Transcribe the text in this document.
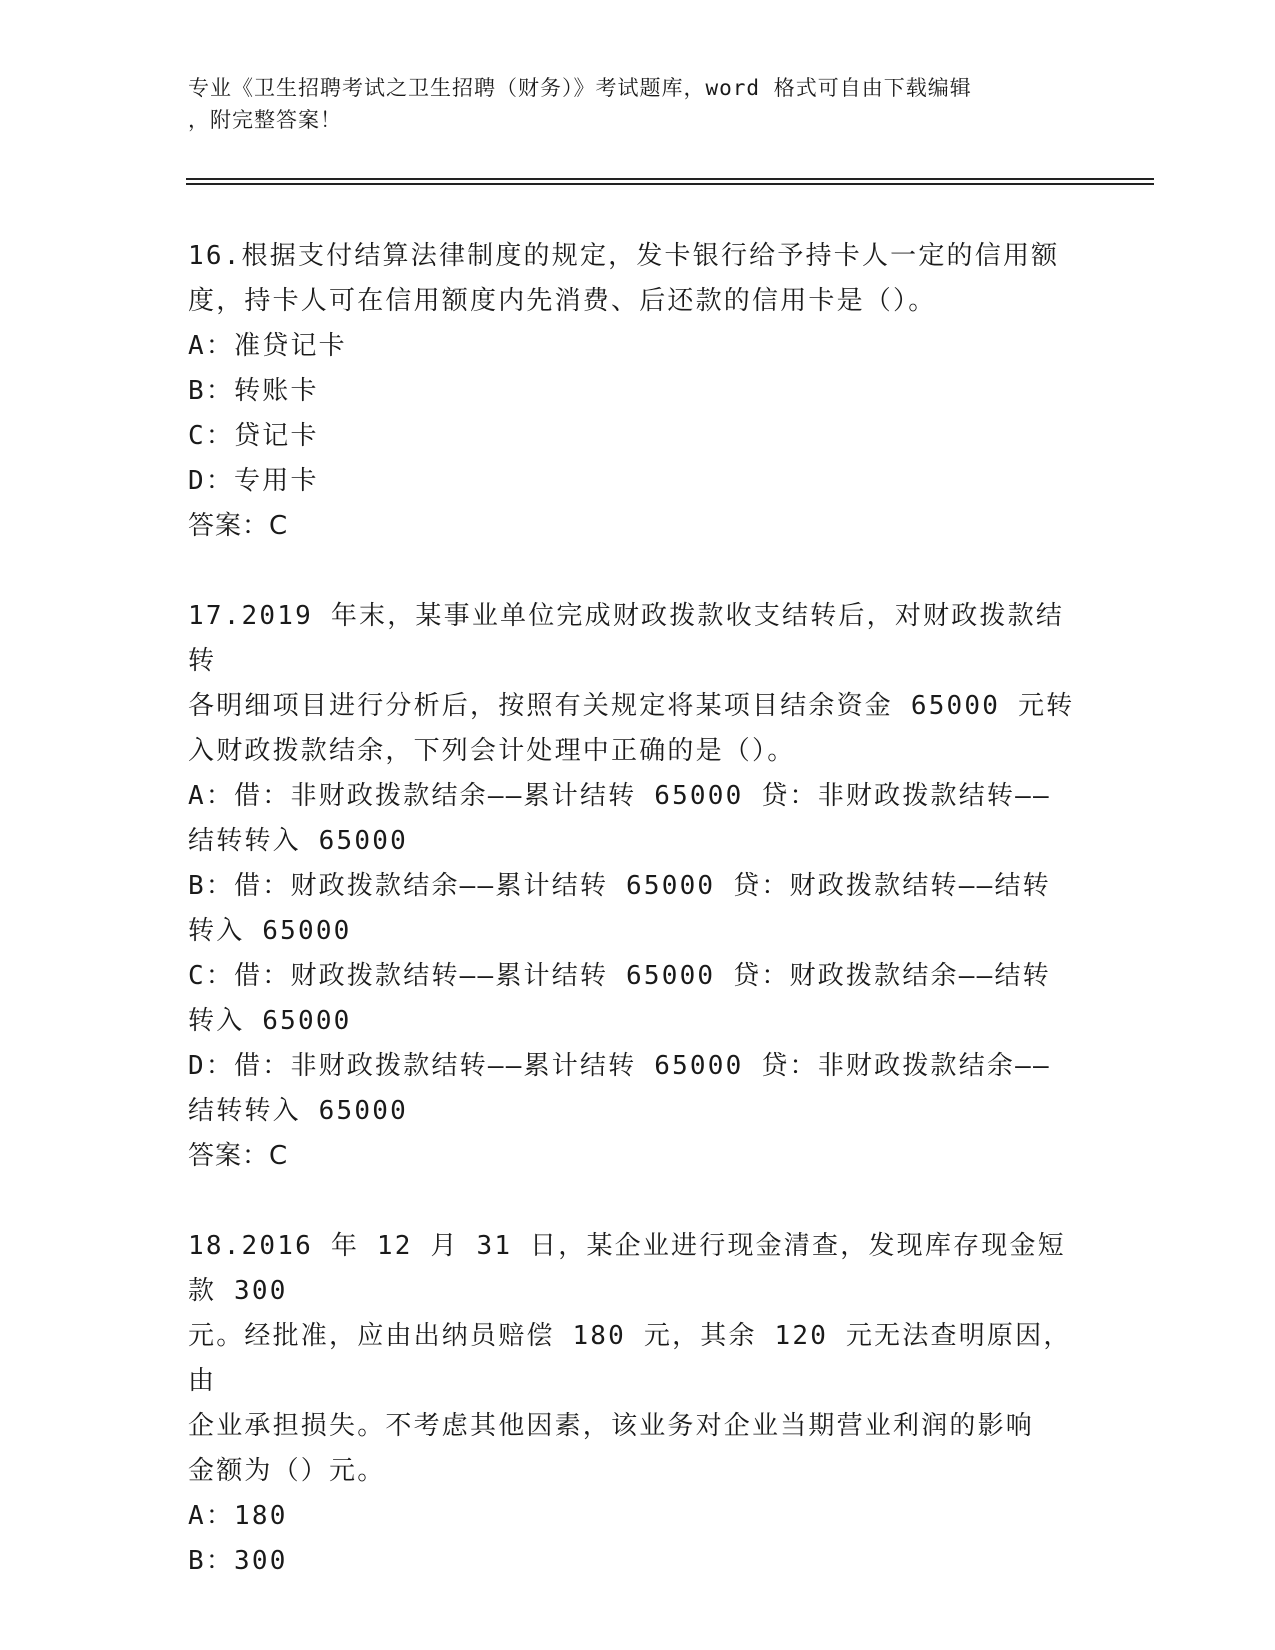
专业《卫生招聘考试之卫生招聘（财务）》考试题库，word 格式可自由下载编辑
，附完整答案！

16.根据支付结算法律制度的规定，发卡银行给予持卡人一定的信用额
度，持卡人可在信用额度内先消费、后还款的信用卡是（）。

A：准贷记卡

B：转账卡

C：贷记卡

D：专用卡

答案：C

17.2019 年末，某事业单位完成财政拨款收支结转后，对财政拨款结转
各明细项目进行分析后，按照有关规定将某项目结余资金 65000 元转
入财政拨款结余，下列会计处理中正确的是（）。

A：借：非财政拨款结余——累计结转 65000 贷：非财政拨款结转——
结转转入 65000

B：借：财政拨款结余——累计结转 65000 贷：财政拨款结转——结转
转入 65000

C：借：财政拨款结转——累计结转 65000 贷：财政拨款结余——结转
转入 65000

D：借：非财政拨款结转——累计结转 65000 贷：非财政拨款结余——
结转转入 65000

答案：C

18.2016 年 12 月 31 日，某企业进行现金清查，发现库存现金短款 300
元。经批准，应由出纳员赔偿 180 元，其余 120 元无法查明原因，由
企业承担损失。不考虑其他因素，该业务对企业当期营业利润的影响
金额为（）元。

A：180

B：300
